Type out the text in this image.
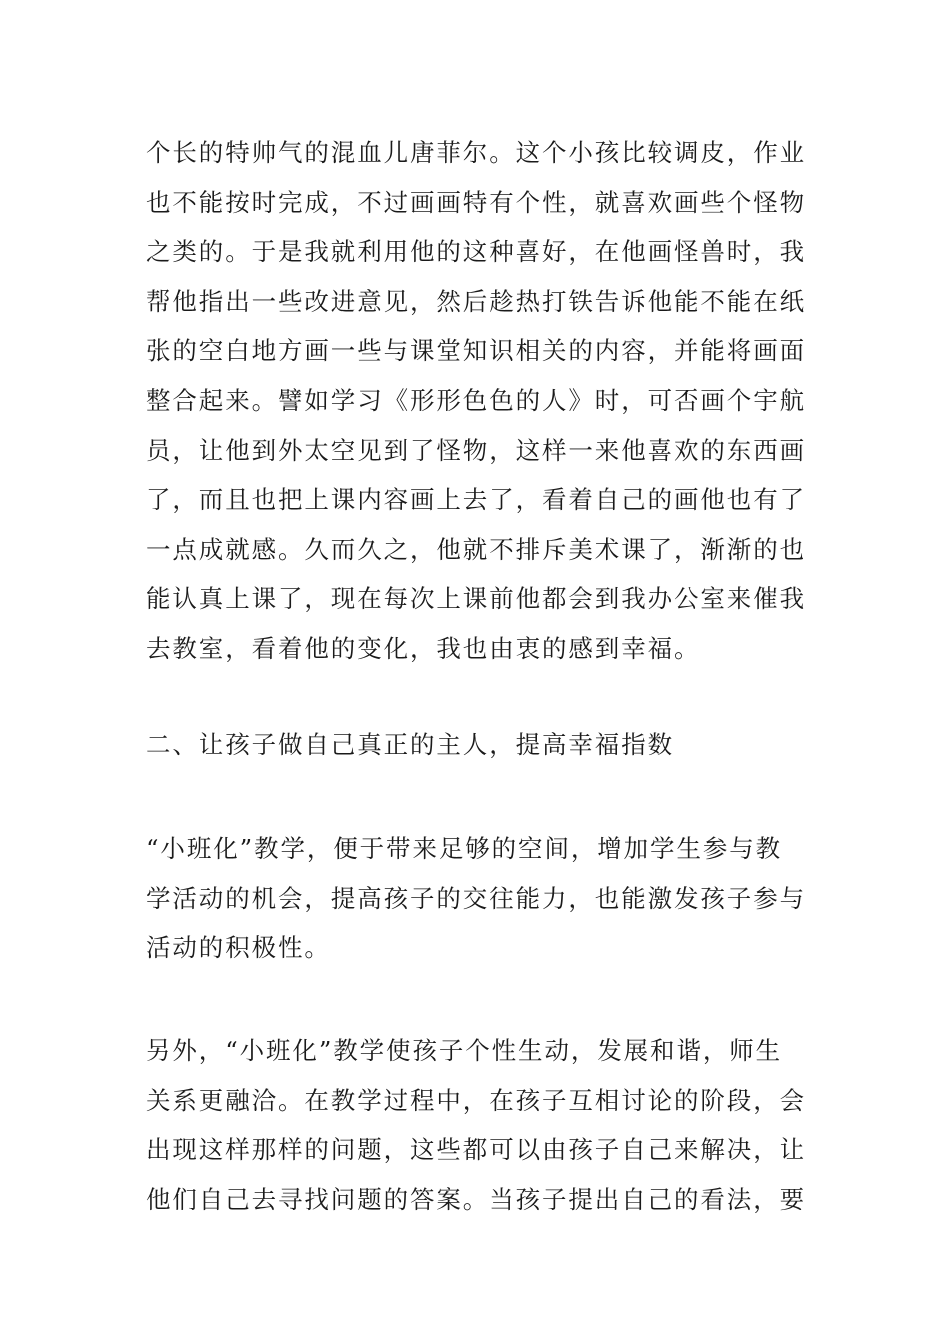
个长的特帅气的混血儿唐菲尔。这个小孩比较调皮，作业
也不能按时完成，不过画画特有个性，就喜欢画些个怪物
之类的。于是我就利用他的这种喜好，在他画怪兽时，我
帮他指出一些改进意见，然后趁热打铁告诉他能不能在纸
张的空白地方画一些与课堂知识相关的内容，并能将画面
整合起来。譬如学习《形形色色的人》时，可否画个宇航
员，让他到外太空见到了怪物，这样一来他喜欢的东西画
了，而且也把上课内容画上去了，看着自己的画他也有了
一点成就感。久而久之，他就不排斥美术课了，渐渐的也
能认真上课了，现在每次上课前他都会到我办公室来催我
去教室，看着他的变化，我也由衷的感到幸福。
二、让孩子做自己真正的主人，提高幸福指数
“小班化”教学，便于带来足够的空间，增加学生参与教
学活动的机会，提高孩子的交往能力，也能激发孩子参与
活动的积极性。
另外，“小班化”教学使孩子个性生动，发展和谐，师生
关系更融洽。在教学过程中，在孩子互相讨论的阶段，会
出现这样那样的问题，这些都可以由孩子自己来解决，让
他们自己去寻找问题的答案。当孩子提出自己的看法，要
